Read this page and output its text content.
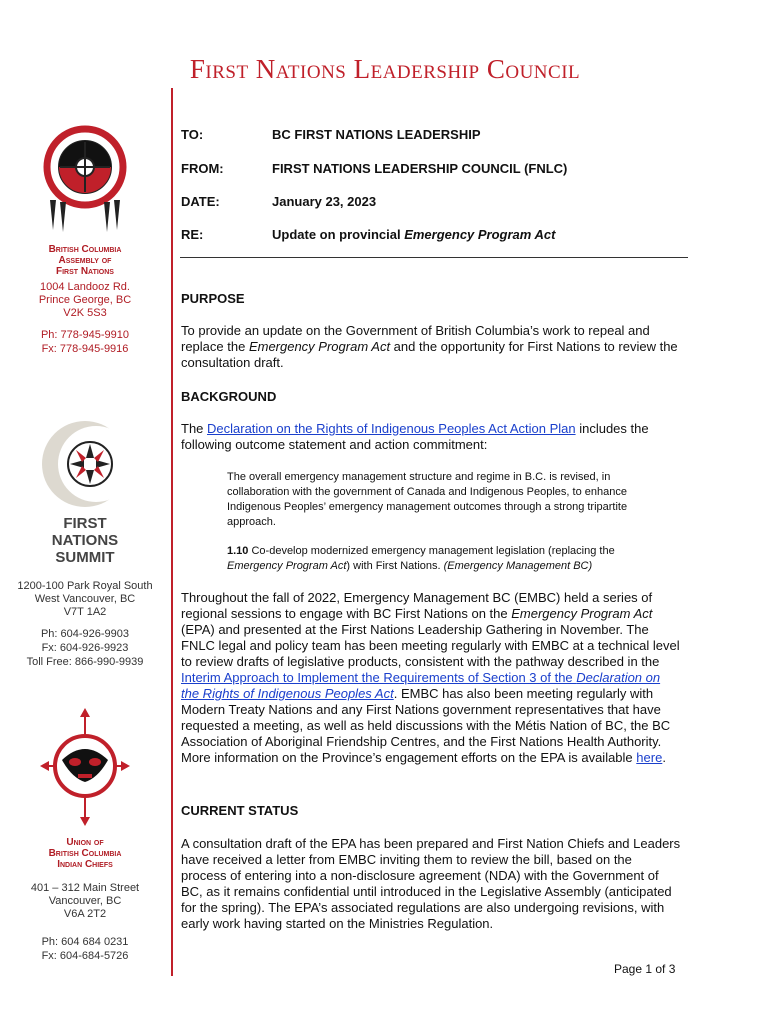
First Nations Leadership Council
British Columbia
Assembly of
First Nations
1004 Landooz Rd.
Prince George, BC
V2K 5S3
Ph: 778-945-9910
Fx: 778-945-9916
FIRST
NATIONS
SUMMIT
1200-100 Park Royal South
West Vancouver, BC
V7T 1A2
Ph: 604-926-9903
Fx: 604-926-9923
Toll Free: 866-990-9939
Union of
British Columbia
Indian Chiefs
401 – 312 Main Street
Vancouver, BC
V6A 2T2
Ph: 604 684 0231
Fx: 604-684-5726
TO:	BC FIRST NATIONS LEADERSHIP
FROM:	FIRST NATIONS LEADERSHIP COUNCIL (FNLC)
DATE:	January 23, 2023
RE:	Update on provincial Emergency Program Act
PURPOSE
To provide an update on the Government of British Columbia’s work to repeal and replace the Emergency Program Act and the opportunity for First Nations to review the consultation draft.
BACKGROUND
The Declaration on the Rights of Indigenous Peoples Act Action Plan includes the following outcome statement and action commitment:
The overall emergency management structure and regime in B.C. is revised, in collaboration with the government of Canada and Indigenous Peoples, to enhance Indigenous Peoples’ emergency management outcomes through a strong tripartite approach.
1.10 Co-develop modernized emergency management legislation (replacing the Emergency Program Act) with First Nations. (Emergency Management BC)
Throughout the fall of 2022, Emergency Management BC (EMBC) held a series of regional sessions to engage with BC First Nations on the Emergency Program Act (EPA) and presented at the First Nations Leadership Gathering in November. The FNLC legal and policy team has been meeting regularly with EMBC at a technical level to review drafts of legislative products, consistent with the pathway described in the Interim Approach to Implement the Requirements of Section 3 of the Declaration on the Rights of Indigenous Peoples Act. EMBC has also been meeting regularly with Modern Treaty Nations and any First Nations government representatives that have requested a meeting, as well as held discussions with the Métis Nation of BC, the BC Association of Aboriginal Friendship Centres, and the First Nations Health Authority. More information on the Province’s engagement efforts on the EPA is available here.
CURRENT STATUS
A consultation draft of the EPA has been prepared and First Nation Chiefs and Leaders have received a letter from EMBC inviting them to review the bill, based on the process of entering into a non-disclosure agreement (NDA) with the Government of BC, as it remains confidential until introduced in the Legislative Assembly (anticipated for the spring). The EPA’s associated regulations are also undergoing revisions, with early work having started on the Ministries Regulation.
Page 1 of 3
